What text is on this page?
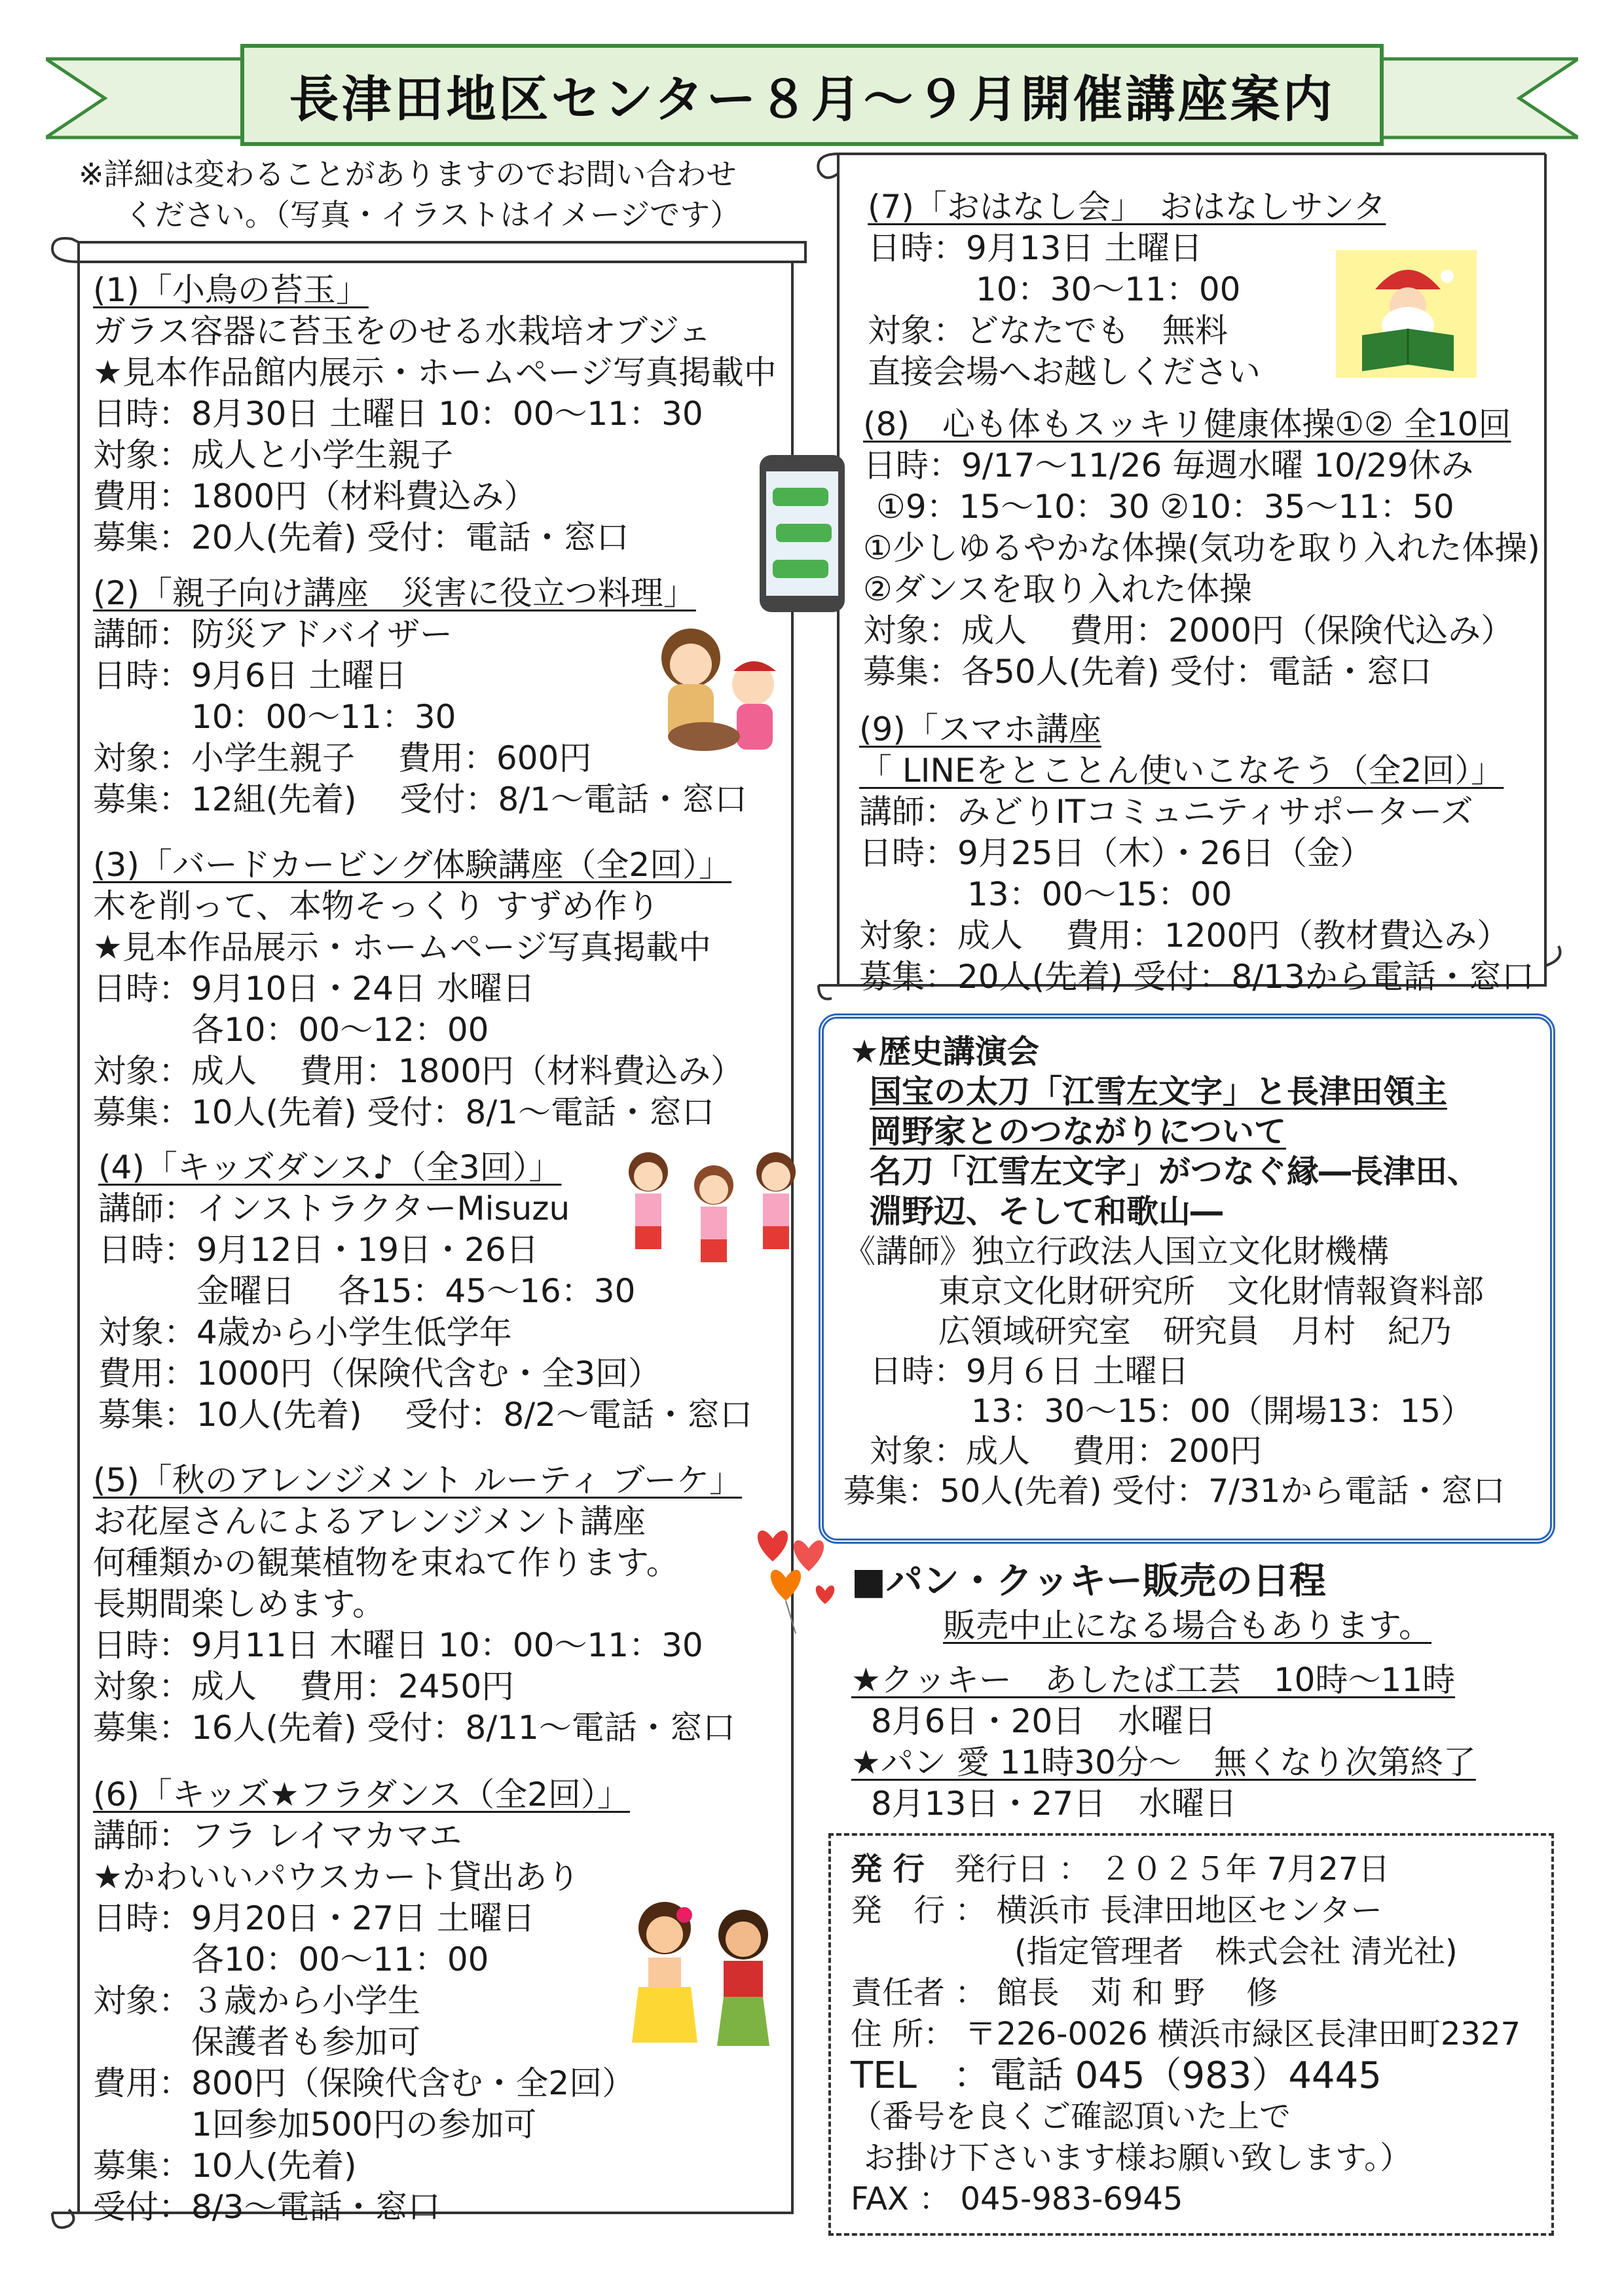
長津田地区センター８月～９月開催講座案内
※詳細は変わることがありますのでお問い合わせ
ください。（写真・イラストはイメージです）
(1)「小鳥の苔玉」
ガラス容器に苔玉をのせる水栽培オブジェ
★見本作品館内展示・ホームページ写真掲載中
日時：8月30日 土曜日 10：00～11：30
対象：成人と小学生親子
費用：1800円（材料費込み）
募集：20人(先着) 受付：電話・窓口
(2)「親子向け講座　災害に役立つ料理」
講師：防災アドバイザー
日時：9月6日 土曜日
10：00～11：30
対象：小学生親子　 費用：600円
募集：12組(先着)　 受付：8/1～電話・窓口
(3)「バードカービング体験講座（全2回）」
木を削って、本物そっくり すずめ作り
★見本作品展示・ホームページ写真掲載中
日時：9月10日・24日 水曜日
各10：00～12：00
対象：成人　 費用：1800円（材料費込み）
募集：10人(先着) 受付：8/1～電話・窓口
(4)「キッズダンス♪（全3回）」
講師：インストラクターMisuzu
日時：9月12日・19日・26日
金曜日　 各15：45～16：30
対象：4歳から小学生低学年
費用：1000円（保険代含む・全3回）
募集：10人(先着)　 受付：8/2～電話・窓口
(5)「秋のアレンジメント ルーティ ブーケ」
お花屋さんによるアレンジメント講座
何種類かの観葉植物を束ねて作ります。
長期間楽しめます。
日時：9月11日 木曜日 10：00～11：30
対象：成人　 費用：2450円
募集：16人(先着) 受付：8/11～電話・窓口
(6)「キッズ★フラダンス（全2回）」
講師：フラ レイマカマエ
★かわいいパウスカート貸出あり
日時：9月20日・27日 土曜日
各10：00～11：00
対象：３歳から小学生
保護者も参加可
費用：800円（保険代含む・全2回）
1回参加500円の参加可
募集：10人(先着)
受付：8/3～電話・窓口
(7)「おはなし会」　おはなしサンタ
日時：9月13日 土曜日
10：30～11：00
対象：どなたでも　無料
直接会場へお越しください
(8)　心も体もスッキリ健康体操①② 全10回
日時：9/17～11/26 毎週水曜 10/29休み
①9：15～10：30 ②10：35～11：50
①少しゆるやかな体操(気功を取り入れた体操)
②ダンスを取り入れた体操
対象：成人　 費用：2000円（保険代込み）
募集：各50人(先着) 受付：電話・窓口
(9)「スマホ講座
「 LINEをとことん使いこなそう（全2回）」
講師：みどりITコミュニティサポーターズ
日時：9月25日（木）・26日（金）
13：00～15：00
対象：成人　 費用：1200円（教材費込み）
募集：20人(先着) 受付：8/13から電話・窓口
★歴史講演会
国宝の太刀「江雪左文字」と長津田領主
岡野家とのつながりについて
名刀「江雪左文字」がつなぐ縁―長津田、
淵野辺、そして和歌山―
《講師》独立行政法人国立文化財機構
東京文化財研究所　文化財情報資料部
広領域研究室　研究員　月村　紀乃
日時：9月６日 土曜日
13：30～15：00（開場13：15）
対象：成人　 費用：200円
募集：50人(先着) 受付：7/31から電話・窓口
■パン・クッキー販売の日程
販売中止になる場合もあります。
★クッキー　あしたば工芸　10時～11時
8月6日・20日　水曜日
★パン 愛 11時30分～　無くなり次第終了
8月13日・27日　水曜日
発 行 発行日 ： ２０２５年 7月27日
発　行 ： 横浜市 長津田地区センター
(指定管理者　株式会社 清光社)
責任者 ： 館長　苅 和 野　 修
住 所： 〒226-0026 横浜市緑区長津田町2327
TEL　：電話 045（983）4445
（番号を良くご確認頂いた上で
お掛け下さいます様お願い致します。）
FAX ： 045-983-6945
